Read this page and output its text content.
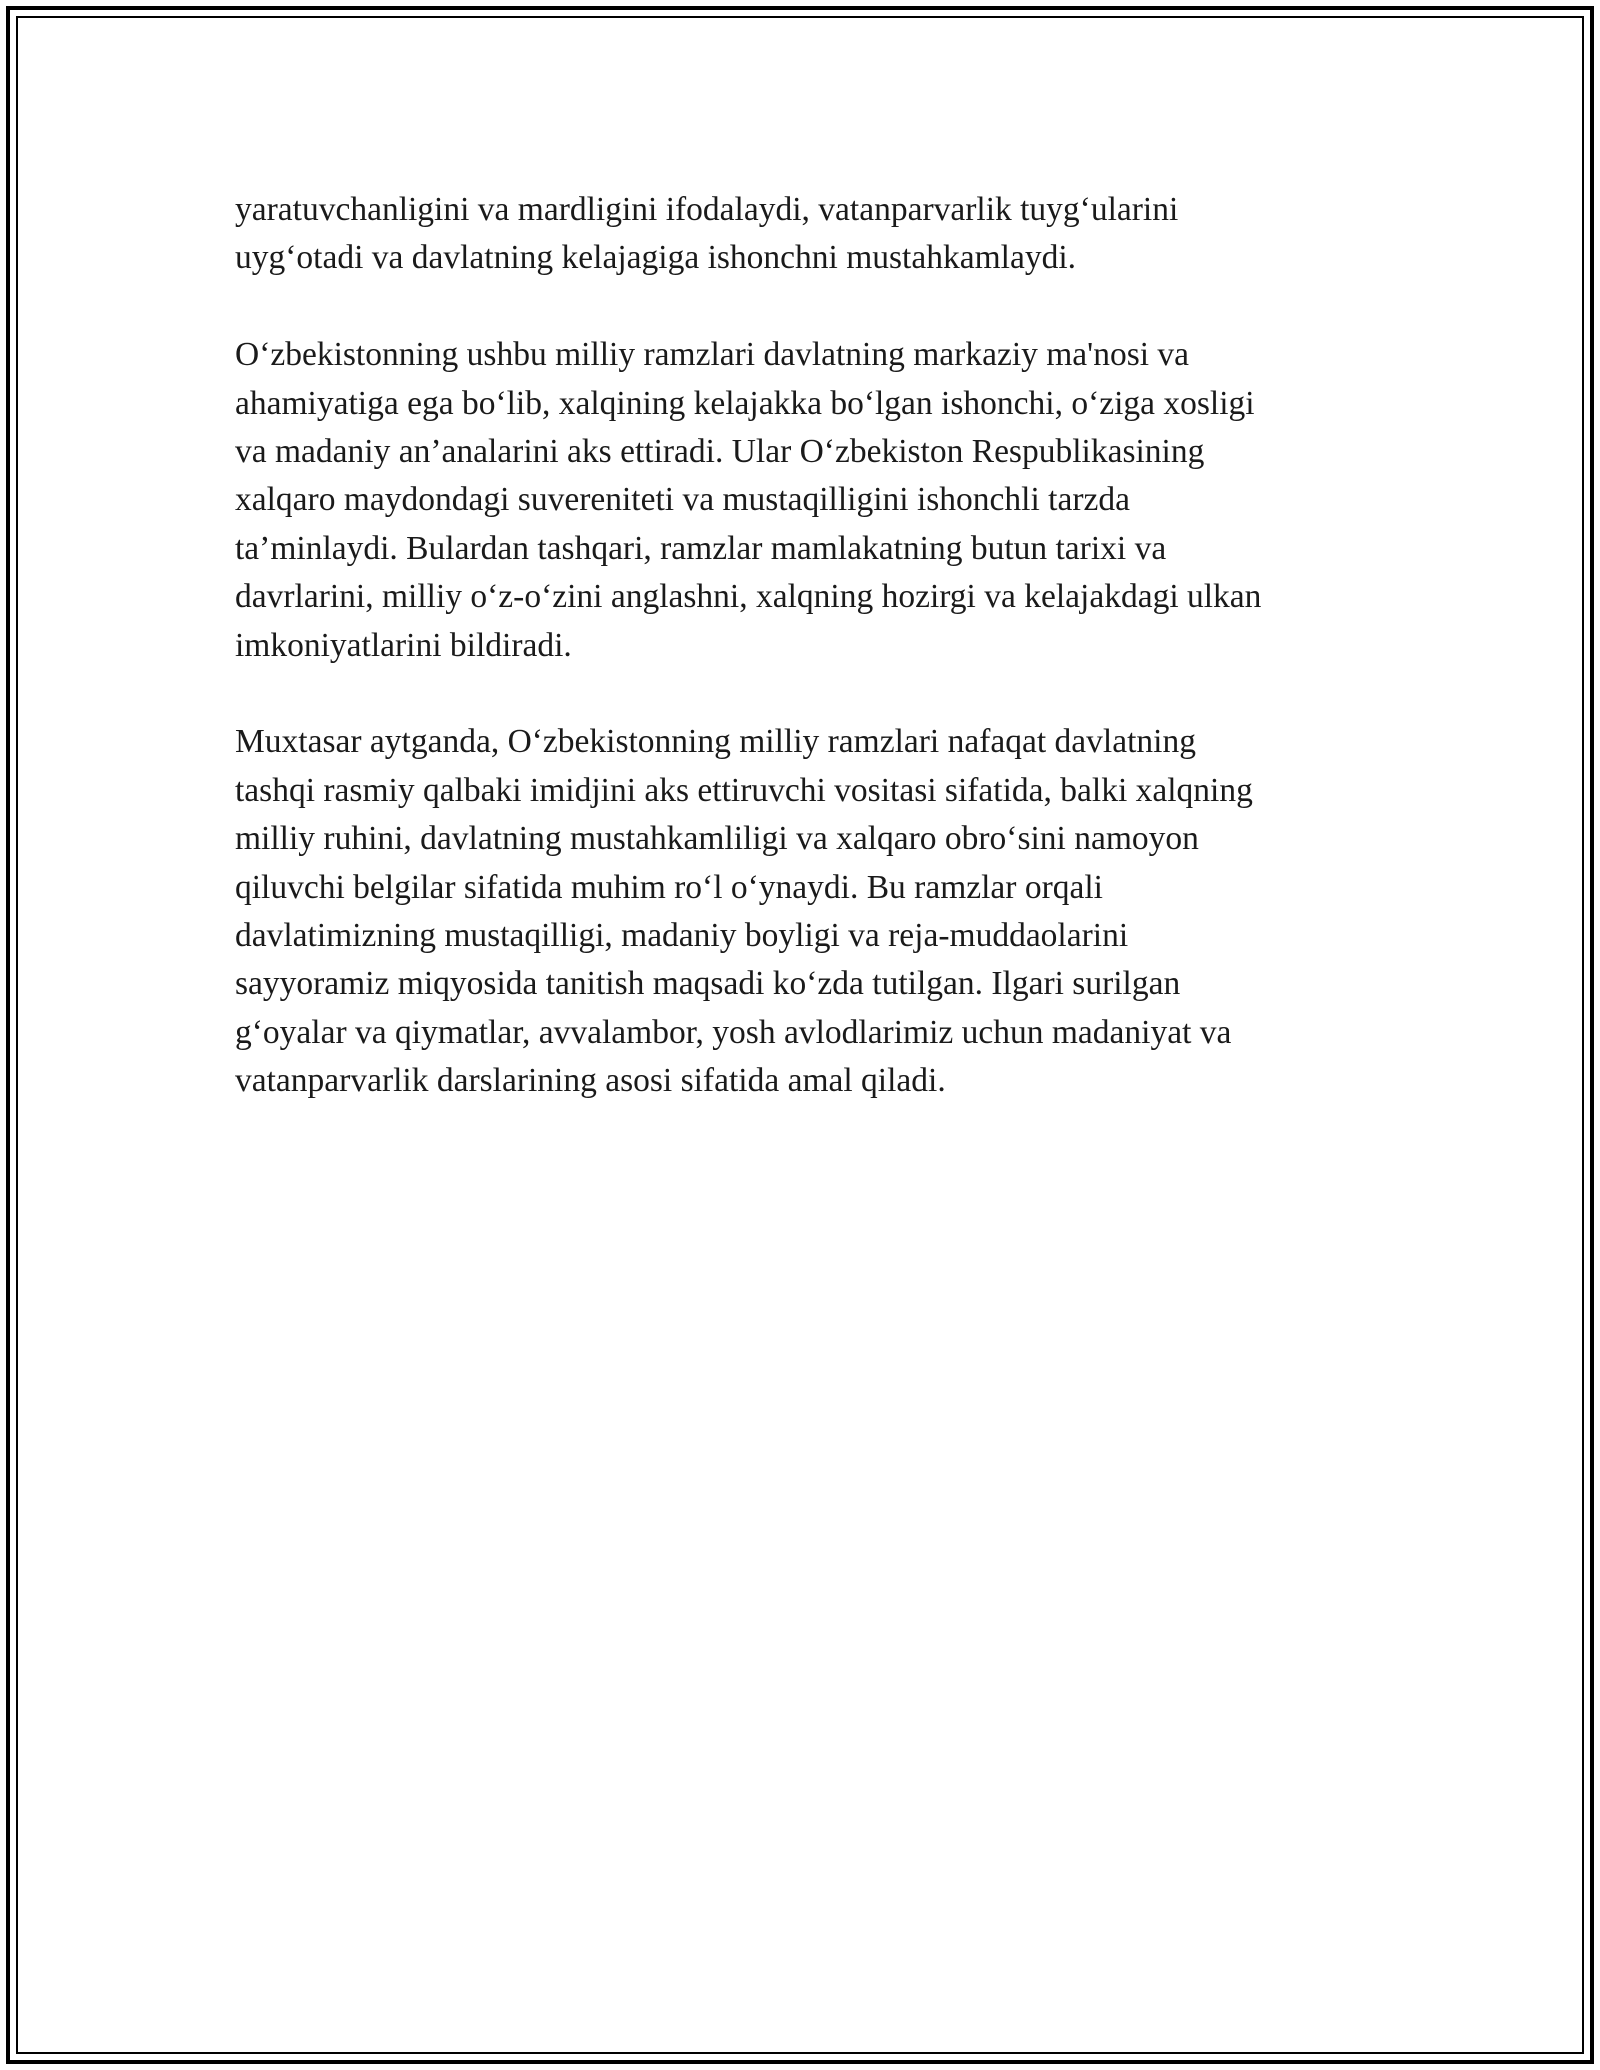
yaratuvchanligini va mardligini ifodalaydi, vatanparvarlik tuyg‘ularini
uyg‘otadi va davlatning kelajagiga ishonchni mustahkamlaydi.

O‘zbekistonning ushbu milliy ramzlari davlatning markaziy ma'nosi va
ahamiyatiga ega bo‘lib, xalqining kelajakka bo‘lgan ishonchi, o‘ziga xosligi
va madaniy an’analarini aks ettiradi. Ular O‘zbekiston Respublikasining
xalqaro maydondagi suvereniteti va mustaqilligini ishonchli tarzda
ta’minlaydi. Bulardan tashqari, ramzlar mamlakatning butun tarixi va
davrlarini, milliy o‘z-o‘zini anglashni, xalqning hozirgi va kelajakdagi ulkan
imkoniyatlarini bildiradi.

Muxtasar aytganda, O‘zbekistonning milliy ramzlari nafaqat davlatning
tashqi rasmiy qalbaki imidjini aks ettiruvchi vositasi sifatida, balki xalqning
milliy ruhini, davlatning mustahkamliligi va xalqaro obro‘sini namoyon
qiluvchi belgilar sifatida muhim ro‘l o‘ynaydi. Bu ramzlar orqali
davlatimizning mustaqilligi, madaniy boyligi va reja-muddaolarini
sayyoramiz miqyosida tanitish maqsadi ko‘zda tutilgan. Ilgari surilgan
g‘oyalar va qiymatlar, avvalambor, yosh avlodlarimiz uchun madaniyat va
vatanparvarlik darslarining asosi sifatida amal qiladi.
